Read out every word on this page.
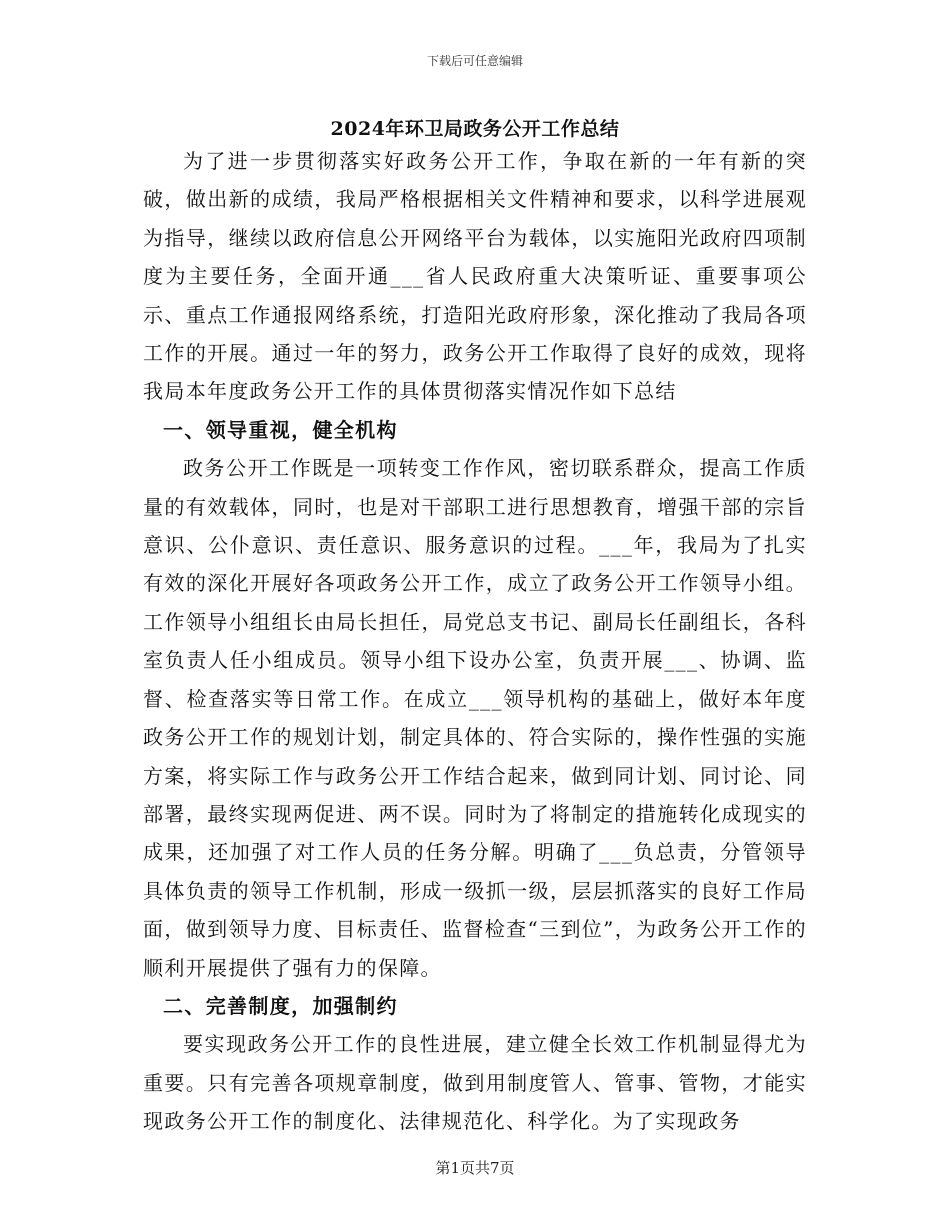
下载后可任意编辑
2024年环卫局政务公开工作总结

为了进一步贯彻落实好政务公开工作，争取在新的一年有新的突破，做出新的成绩，我局严格根据相关文件精神和要求，以科学进展观为指导，继续以政府信息公开网络平台为载体，以实施阳光政府四项制度为主要任务，全面开通___省人民政府重大决策听证、重要事项公示、重点工作通报网络系统，打造阳光政府形象，深化推动了我局各项工作的开展。通过一年的努力，政务公开工作取得了良好的成效，现将我局本年度政务公开工作的具体贯彻落实情况作如下总结

一、领导重视，健全机构

政务公开工作既是一项转变工作作风，密切联系群众，提高工作质量的有效载体，同时，也是对干部职工进行思想教育，增强干部的宗旨意识、公仆意识、责任意识、服务意识的过程。___年，我局为了扎实有效的深化开展好各项政务公开工作，成立了政务公开工作领导小组。工作领导小组组长由局长担任，局党总支书记、副局长任副组长，各科室负责人任小组成员。领导小组下设办公室，负责开展___、协调、监督、检查落实等日常工作。在成立___领导机构的基础上，做好本年度政务公开工作的规划计划，制定具体的、符合实际的，操作性强的实施方案，将实际工作与政务公开工作结合起来，做到同计划、同讨论、同部署，最终实现两促进、两不误。同时为了将制定的措施转化成现实的成果，还加强了对工作人员的任务分解。明确了___负总责，分管领导具体负责的领导工作机制，形成一级抓一级，层层抓落实的良好工作局面，做到领导力度、目标责任、监督检查“三到位”，为政务公开工作的顺利开展提供了强有力的保障。

二、完善制度，加强制约

要实现政务公开工作的良性进展，建立健全长效工作机制显得尤为重要。只有完善各项规章制度，做到用制度管人、管事、管物，才能实现政务公开工作的制度化、法律规范化、科学化。为了实现政务

第1页共7页
